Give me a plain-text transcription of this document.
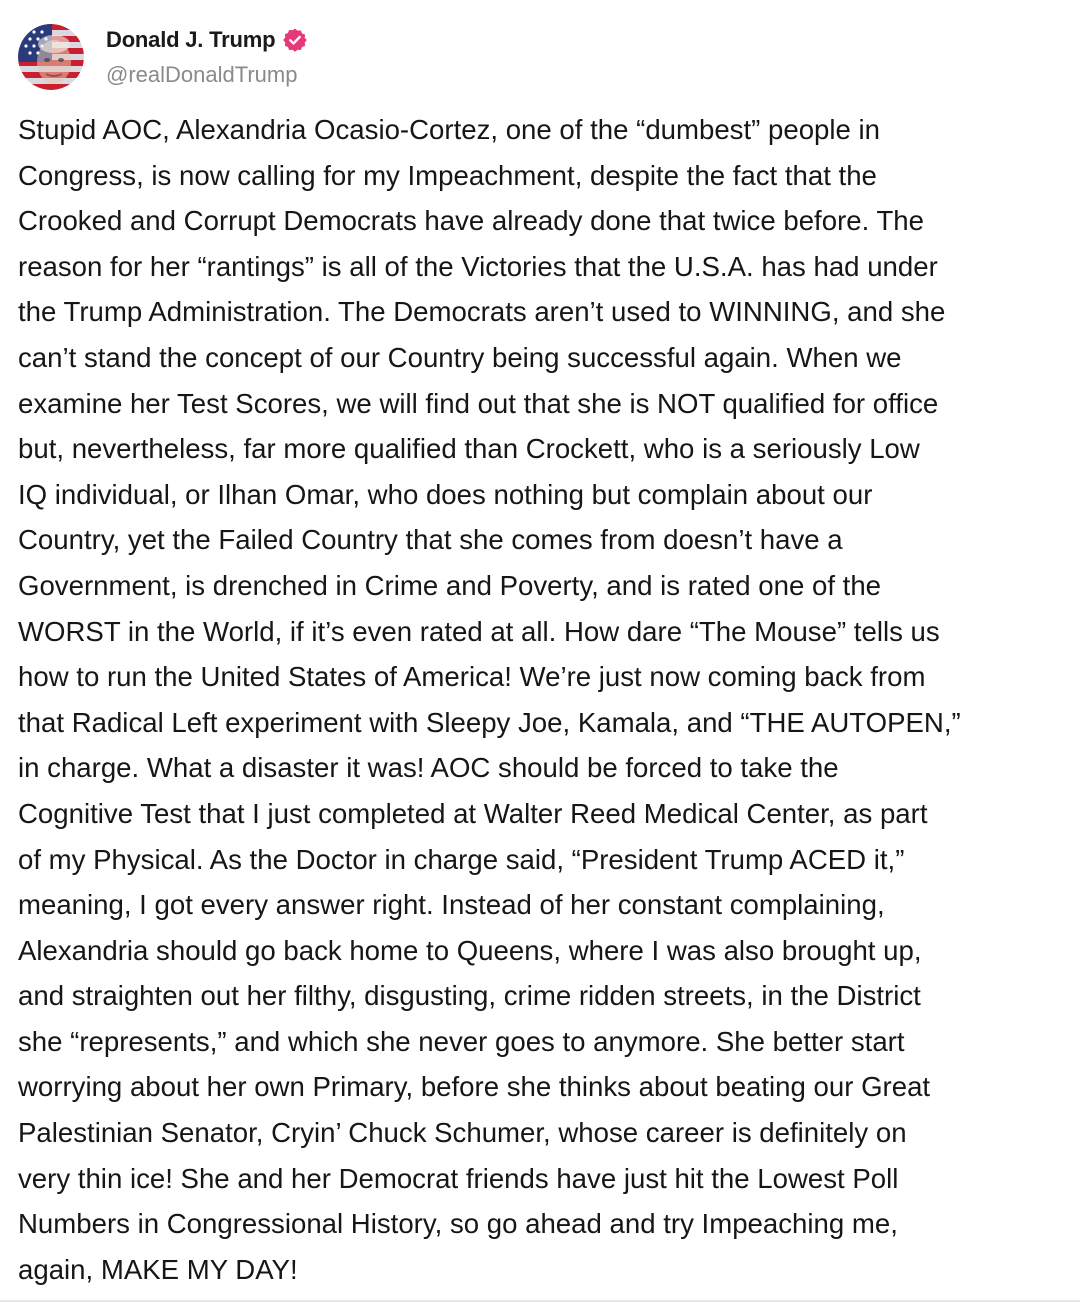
Donald J. Trump
@realDonaldTrump
Stupid AOC, Alexandria Ocasio-Cortez, one of the “dumbest” people in
Congress, is now calling for my Impeachment, despite the fact that the
Crooked and Corrupt Democrats have already done that twice before. The
reason for her “rantings” is all of the Victories that the U.S.A. has had under
the Trump Administration. The Democrats aren’t used to WINNING, and she
can’t stand the concept of our Country being successful again. When we
examine her Test Scores, we will find out that she is NOT qualified for office
but, nevertheless, far more qualified than Crockett, who is a seriously Low
IQ individual, or Ilhan Omar, who does nothing but complain about our
Country, yet the Failed Country that she comes from doesn’t have a
Government, is drenched in Crime and Poverty, and is rated one of the
WORST in the World, if it’s even rated at all. How dare “The Mouse” tells us
how to run the United States of America! We’re just now coming back from
that Radical Left experiment with Sleepy Joe, Kamala, and “THE AUTOPEN,”
in charge. What a disaster it was! AOC should be forced to take the
Cognitive Test that I just completed at Walter Reed Medical Center, as part
of my Physical. As the Doctor in charge said, “President Trump ACED it,”
meaning, I got every answer right. Instead of her constant complaining,
Alexandria should go back home to Queens, where I was also brought up,
and straighten out her filthy, disgusting, crime ridden streets, in the District
she “represents,” and which she never goes to anymore. She better start
worrying about her own Primary, before she thinks about beating our Great
Palestinian Senator, Cryin’ Chuck Schumer, whose career is definitely on
very thin ice! She and her Democrat friends have just hit the Lowest Poll
Numbers in Congressional History, so go ahead and try Impeaching me,
again, MAKE MY DAY!
